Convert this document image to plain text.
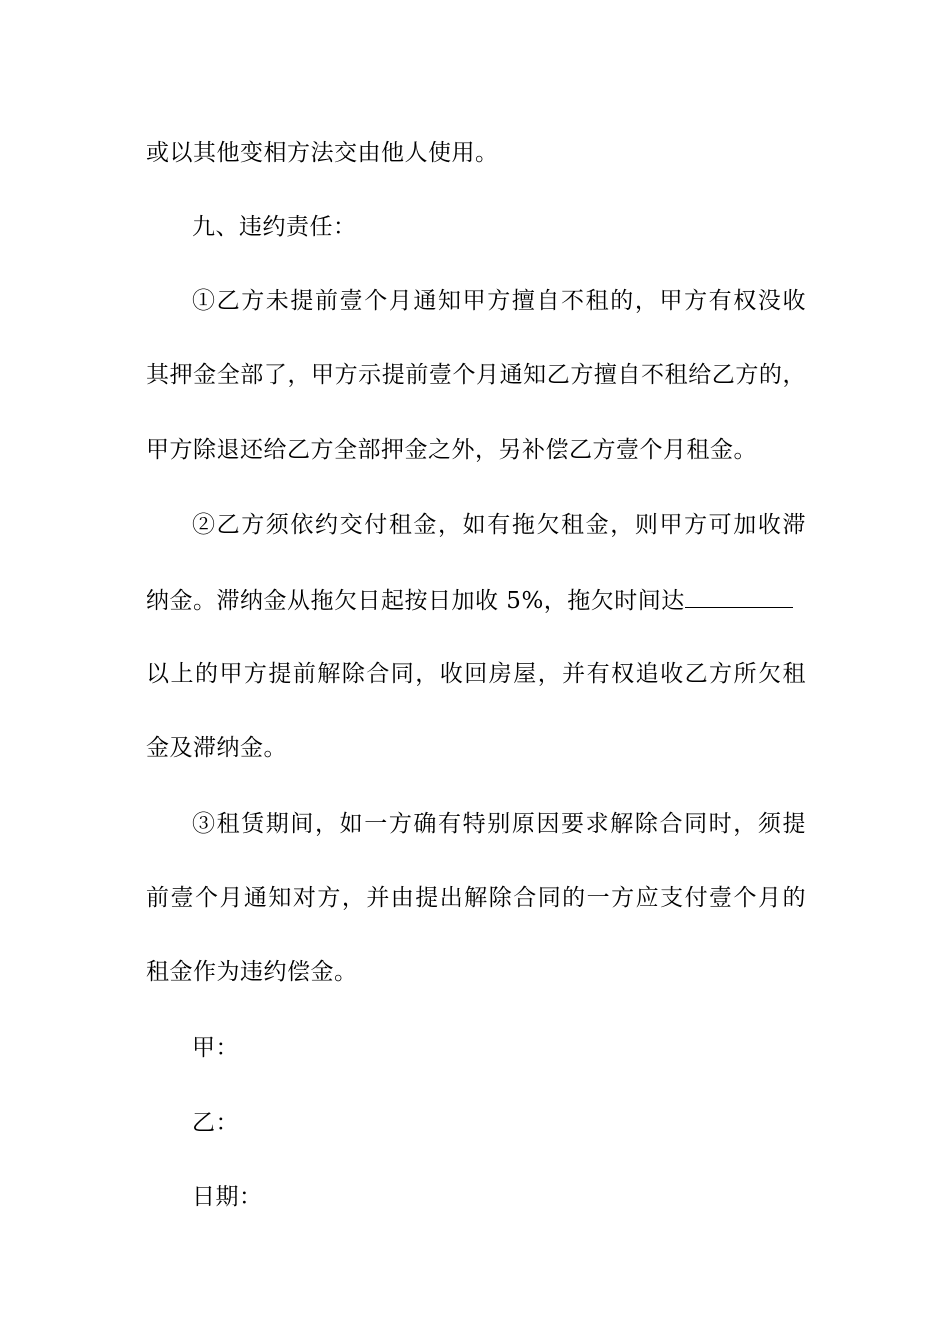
或以其他变相方法交由他人使用。
九、违约责任：
①乙方未提前壹个月通知甲方擅自不租的，甲方有权没收
其押金全部了，甲方示提前壹个月通知乙方擅自不租给乙方的，
甲方除退还给乙方全部押金之外，另补偿乙方壹个月租金。
②乙方须依约交付租金，如有拖欠租金，则甲方可加收滞
纳金。滞纳金从拖欠日起按日加收 5%，拖欠时间达
以上的甲方提前解除合同，收回房屋，并有权追收乙方所欠租
金及滞纳金。
③租赁期间，如一方确有特别原因要求解除合同时，须提
前壹个月通知对方，并由提出解除合同的一方应支付壹个月的
租金作为违约偿金。
甲：
乙：
日期：
